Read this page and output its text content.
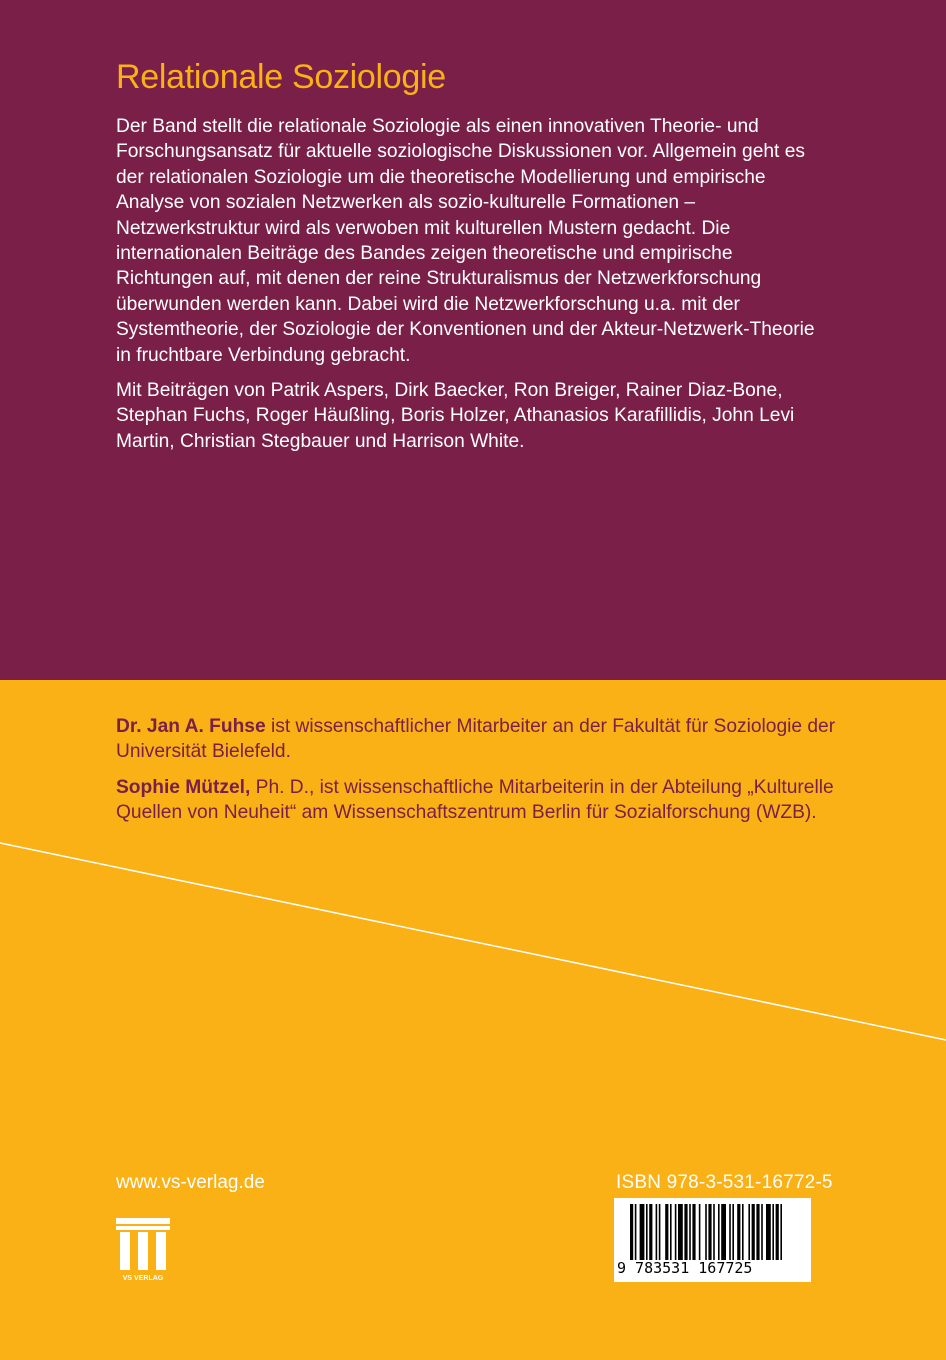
Relationale Soziologie

Der Band stellt die relationale Soziologie als einen innovativen Theorie- und Forschungsansatz für aktuelle soziologische Diskussionen vor. Allgemein geht es der relationalen Soziologie um die theoretische Modellierung und empirische Analyse von sozialen Netzwerken als sozio-kulturelle Formationen – Netzwerkstruktur wird als verwoben mit kulturellen Mustern gedacht. Die internationalen Beiträge des Bandes zeigen theoretische und empirische Richtungen auf, mit denen der reine Strukturalismus der Netzwerkforschung überwunden werden kann. Dabei wird die Netzwerkforschung u.a. mit der Systemtheorie, der Soziologie der Konventionen und der Akteur-Netzwerk-Theorie in fruchtbare Verbindung gebracht.

Mit Beiträgen von Patrik Aspers, Dirk Baecker, Ron Breiger, Rainer Diaz-Bone, Stephan Fuchs, Roger Häußling, Boris Holzer, Athanasios Karafillidis, John Levi Martin, Christian Stegbauer und Harrison White.

Dr. Jan A. Fuhse ist wissenschaftlicher Mitarbeiter an der Fakultät für Soziologie der Universität Bielefeld.

Sophie Mützel, Ph. D., ist wissenschaftliche Mitarbeiterin in der Abteilung „Kulturelle Quellen von Neuheit“ am Wissenschaftszentrum Berlin für Sozialforschung (WZB).

www.vs-verlag.de	ISBN 978-3-531-16772-5
VS VERLAG
9 783531 167725
